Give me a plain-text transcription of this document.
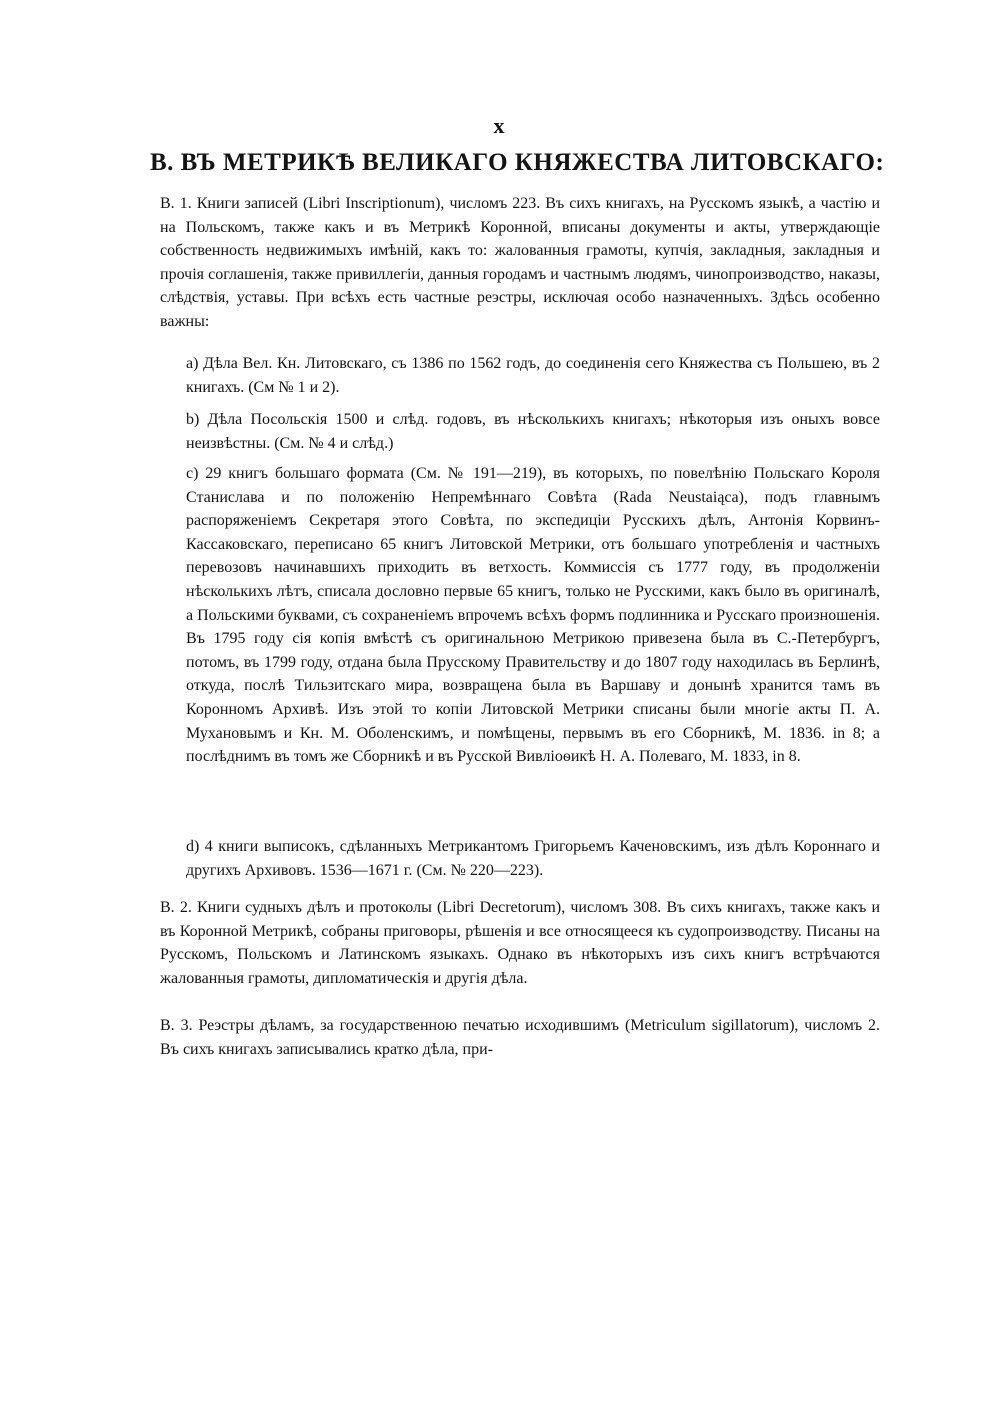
x
B. ВЪ МЕТРИКѢ ВЕЛИКАГО КНЯЖЕСТВА ЛИТОВСКАГО:

В. 1. Книги записей (Libri Inscriptionum), числомъ 223. Въ сихъ книгахъ, на Русскомъ языкѣ, а частію и на Польскомъ, также какъ и въ Метрикѣ Коронной, вписаны документы и акты, утверждающіе собственность недвижимыхъ имѣній, какъ то: жалованныя грамоты, купчія, закладныя, закладныя и прочія соглашенія, также привиллегіи, данныя городамъ и частнымъ людямъ, чинопроизводство, наказы, слѣдствія, уставы. При всѣхъ есть частные реэстры, исключая особо назначенныхъ. Здѣсь особенно важны:

a) Дѣла Вел. Кн. Литовскаго, съ 1386 по 1562 годъ, до соединенія сего Княжества съ Польшею, въ 2 книгахъ. (См № 1 и 2).

b) Дѣла Посольскія 1500 и слѣд. годовъ, въ нѣсколькихъ книгахъ; нѣкоторыя изъ оныхъ вовсе неизвѣстны. (См. № 4 и слѣд.)

c) 29 книгъ большаго формата (См. № 191—219), въ которыхъ, по повелѣнію Польскаго Короля Станислава и по положенію Непремѣннаго Совѣта (Rada Neustaiąca), подъ главнымъ распоряженіемъ Секретаря этого Совѣта, по экспедиціи Русскихъ дѣлъ, Антонія Корвинъ-Кассаковскаго, переписано 65 книгъ Литовской Метрики, отъ большаго употребленія и частныхъ перевозовъ начинавшихъ приходить въ ветхость. Коммиссія съ 1777 году, въ продолженіи нѣсколькихъ лѣтъ, списала дословно первые 65 книгъ, только не Русскими, какъ было въ оригиналѣ, а Польскими буквами, съ сохраненіемъ впрочемъ всѣхъ формъ подлинника и Русскаго произношенія. Въ 1795 году сія копія вмѣстѣ съ оригинальною Метрикою привезена была въ С.-Петербургъ, потомъ, въ 1799 году, отдана была Прусскому Правительству и до 1807 году находилась въ Берлинѣ, откуда, послѣ Тильзитскаго мира, возвращена была въ Варшаву и донынѣ хранится тамъ въ Коронномъ Архивѣ. Изъ этой то копіи Литовской Метрики списаны были многіе акты П. А. Мухановымъ и Кн. М. Оболенскимъ, и помѣщены, первымъ въ его Сборникѣ, М. 1836. in 8; а послѣднимъ въ томъ же Сборникѣ и въ Русской Вивліоѳикѣ Н. А. Полеваго, М. 1833, in 8.

d) 4 книги выписокъ, сдѣланныхъ Метрикантомъ Григорьемъ Каченовскимъ, изъ дѣлъ Короннаго и другихъ Архивовъ. 1536—1671 г. (См. № 220—223).

В. 2. Книги судныхъ дѣлъ и протоколы (Libri Decretorum), числомъ 308. Въ сихъ книгахъ, также какъ и въ Коронной Метрикѣ, собраны приговоры, рѣшенія и все относящееся къ судопроизводству. Писаны на Русскомъ, Польскомъ и Латинскомъ языкахъ. Однако въ нѣкоторыхъ изъ сихъ книгъ встрѣчаются жалованныя грамоты, дипломатическія и другія дѣла.

В. 3. Реэстры дѣламъ, за государственною печатью исходившимъ (Metriculum sigillatorum), числомъ 2. Въ сихъ книгахъ записывались кратко дѣла, при-
